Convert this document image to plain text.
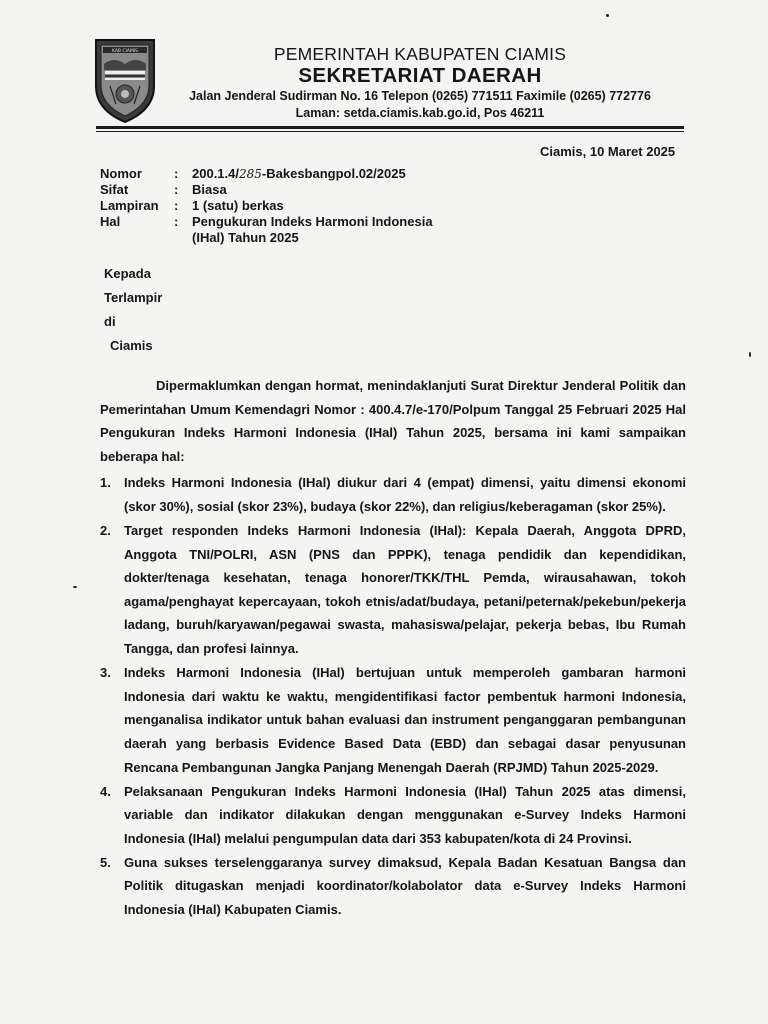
KAB CIAMIS	PEMERINTAH KABUPATEN CIAMIS
SEKRETARIAT DAERAH
Jalan Jenderal Sudirman No. 16 Telepon (0265) 771511 Faximile (0265) 772776
Laman: setda.ciamis.kab.go.id, Pos 46211
Ciamis, 10 Maret 2025
Nomor	:	200.1.4/285-Bakesbangpol.02/2025
Sifat	:	Biasa
Lampiran	:	1 (satu) berkas
Hal	:	Pengukuran Indeks Harmoni Indonesia
(IHal) Tahun 2025
Kepada
Terlampir
di
Ciamis

Dipermaklumkan dengan hormat, menindaklanjuti Surat Direktur Jenderal Politik dan Pemerintahan Umum Kemendagri Nomor : 400.4.7/e-170/Polpum Tanggal 25 Februari 2025 Hal Pengukuran Indeks Harmoni Indonesia (IHal) Tahun 2025, bersama ini kami sampaikan beberapa hal:

1. Indeks Harmoni Indonesia (IHal) diukur dari 4 (empat) dimensi, yaitu dimensi ekonomi (skor 30%), sosial (skor 23%), budaya (skor 22%), dan religius/keberagaman (skor 25%).
2. Target responden Indeks Harmoni Indonesia (IHal): Kepala Daerah, Anggota DPRD, Anggota TNI/POLRI, ASN (PNS dan PPPK), tenaga pendidik dan kependidikan, dokter/tenaga kesehatan, tenaga honorer/TKK/THL Pemda, wirausahawan, tokoh agama/penghayat kepercayaan, tokoh etnis/adat/budaya, petani/peternak/pekebun/pekerja ladang, buruh/karyawan/pegawai swasta, mahasiswa/pelajar, pekerja bebas, Ibu Rumah Tangga, dan profesi lainnya.
3. Indeks Harmoni Indonesia (IHal) bertujuan untuk memperoleh gambaran harmoni Indonesia dari waktu ke waktu, mengidentifikasi factor pembentuk harmoni Indonesia, menganalisa indikator untuk bahan evaluasi dan instrument penganggaran pembangunan daerah yang berbasis Evidence Based Data (EBD) dan sebagai dasar penyusunan Rencana Pembangunan Jangka Panjang Menengah Daerah (RPJMD) Tahun 2025-2029.
4. Pelaksanaan Pengukuran Indeks Harmoni Indonesia (IHal) Tahun 2025 atas dimensi, variable dan indikator dilakukan dengan menggunakan e-Survey Indeks Harmoni Indonesia (IHal) melalui pengumpulan data dari 353 kabupaten/kota di 24 Provinsi.
5. Guna sukses terselenggaranya survey dimaksud, Kepala Badan Kesatuan Bangsa dan Politik ditugaskan menjadi koordinator/kolabolator data e-Survey Indeks Harmoni Indonesia (IHal) Kabupaten Ciamis.
